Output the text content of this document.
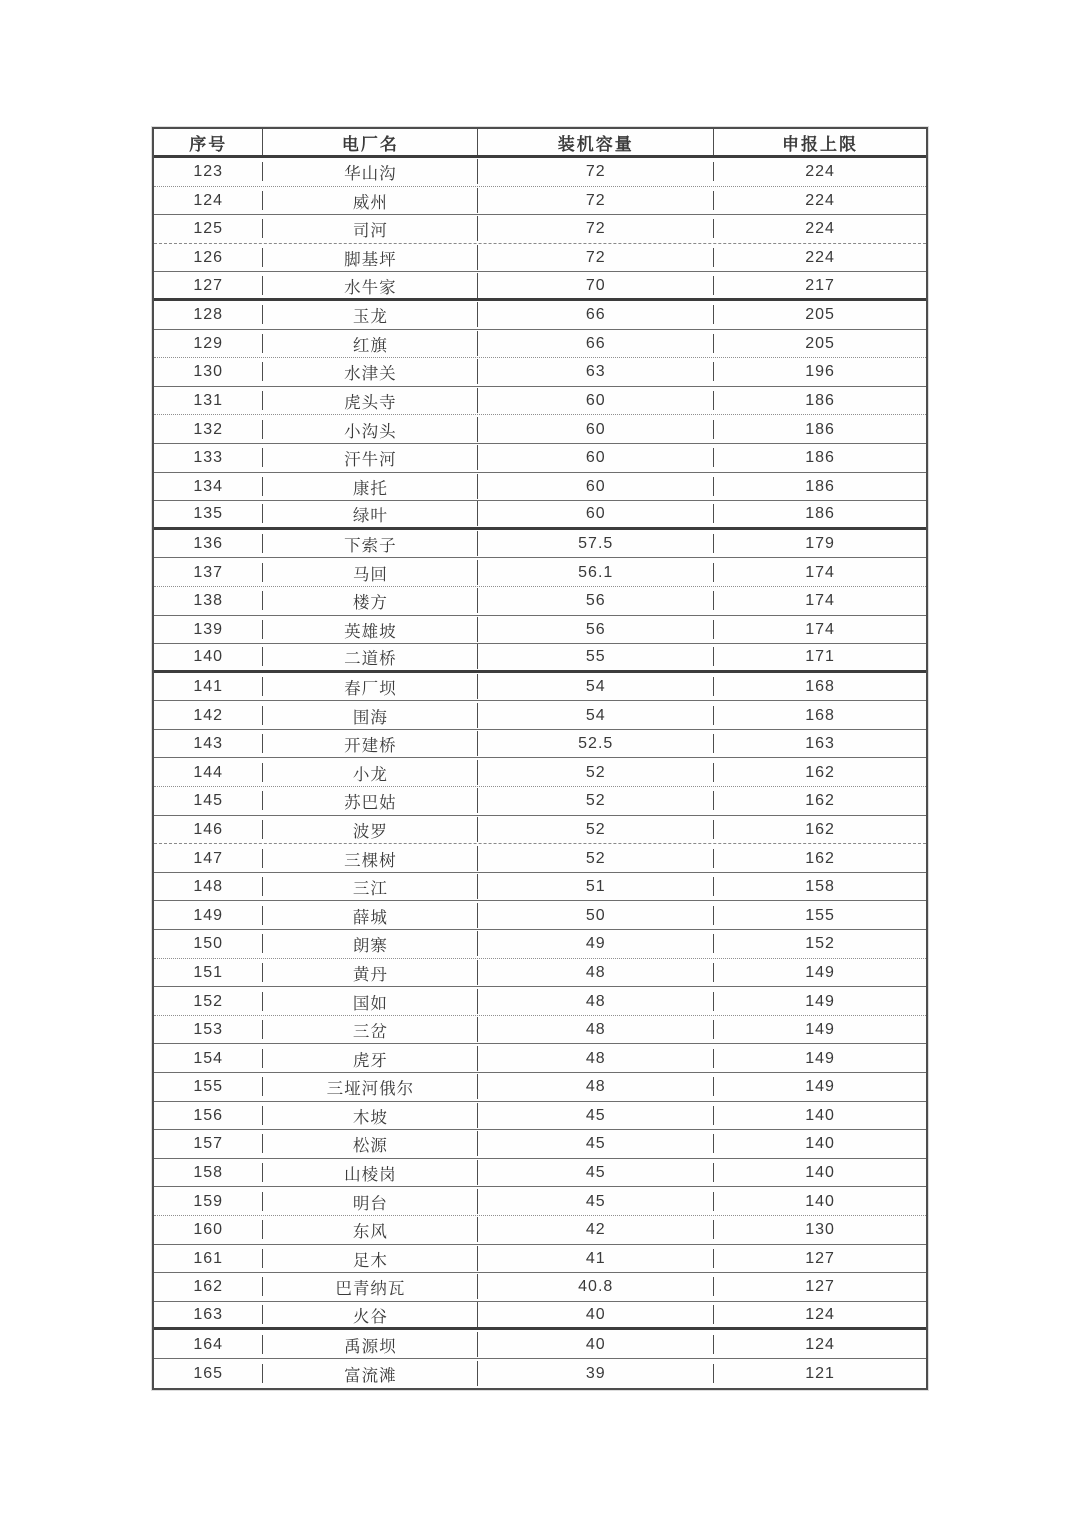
序号	电厂名	装机容量	申报上限
123	华山沟	72	224
124	威州	72	224
125	司河	72	224
126	脚基坪	72	224
127	水牛家	70	217
128	玉龙	66	205
129	红旗	66	205
130	水津关	63	196
131	虎头寺	60	186
132	小沟头	60	186
133	汗牛河	60	186
134	康托	60	186
135	绿叶	60	186
136	下索子	57.5	179
137	马回	56.1	174
138	楼方	56	174
139	英雄坡	56	174
140	二道桥	55	171
141	春厂坝	54	168
142	围海	54	168
143	开建桥	52.5	163
144	小龙	52	162
145	苏巴姑	52	162
146	波罗	52	162
147	三棵树	52	162
148	三江	51	158
149	薛城	50	155
150	朗寨	49	152
151	黄丹	48	149
152	国如	48	149
153	三岔	48	149
154	虎牙	48	149
155	三垭河俄尔	48	149
156	木坡	45	140
157	松源	45	140
158	山棱岗	45	140
159	明台	45	140
160	东风	42	130
161	足木	41	127
162	巴青纳瓦	40.8	127
163	火谷	40	124
164	禹源坝	40	124
165	富流滩	39	121
